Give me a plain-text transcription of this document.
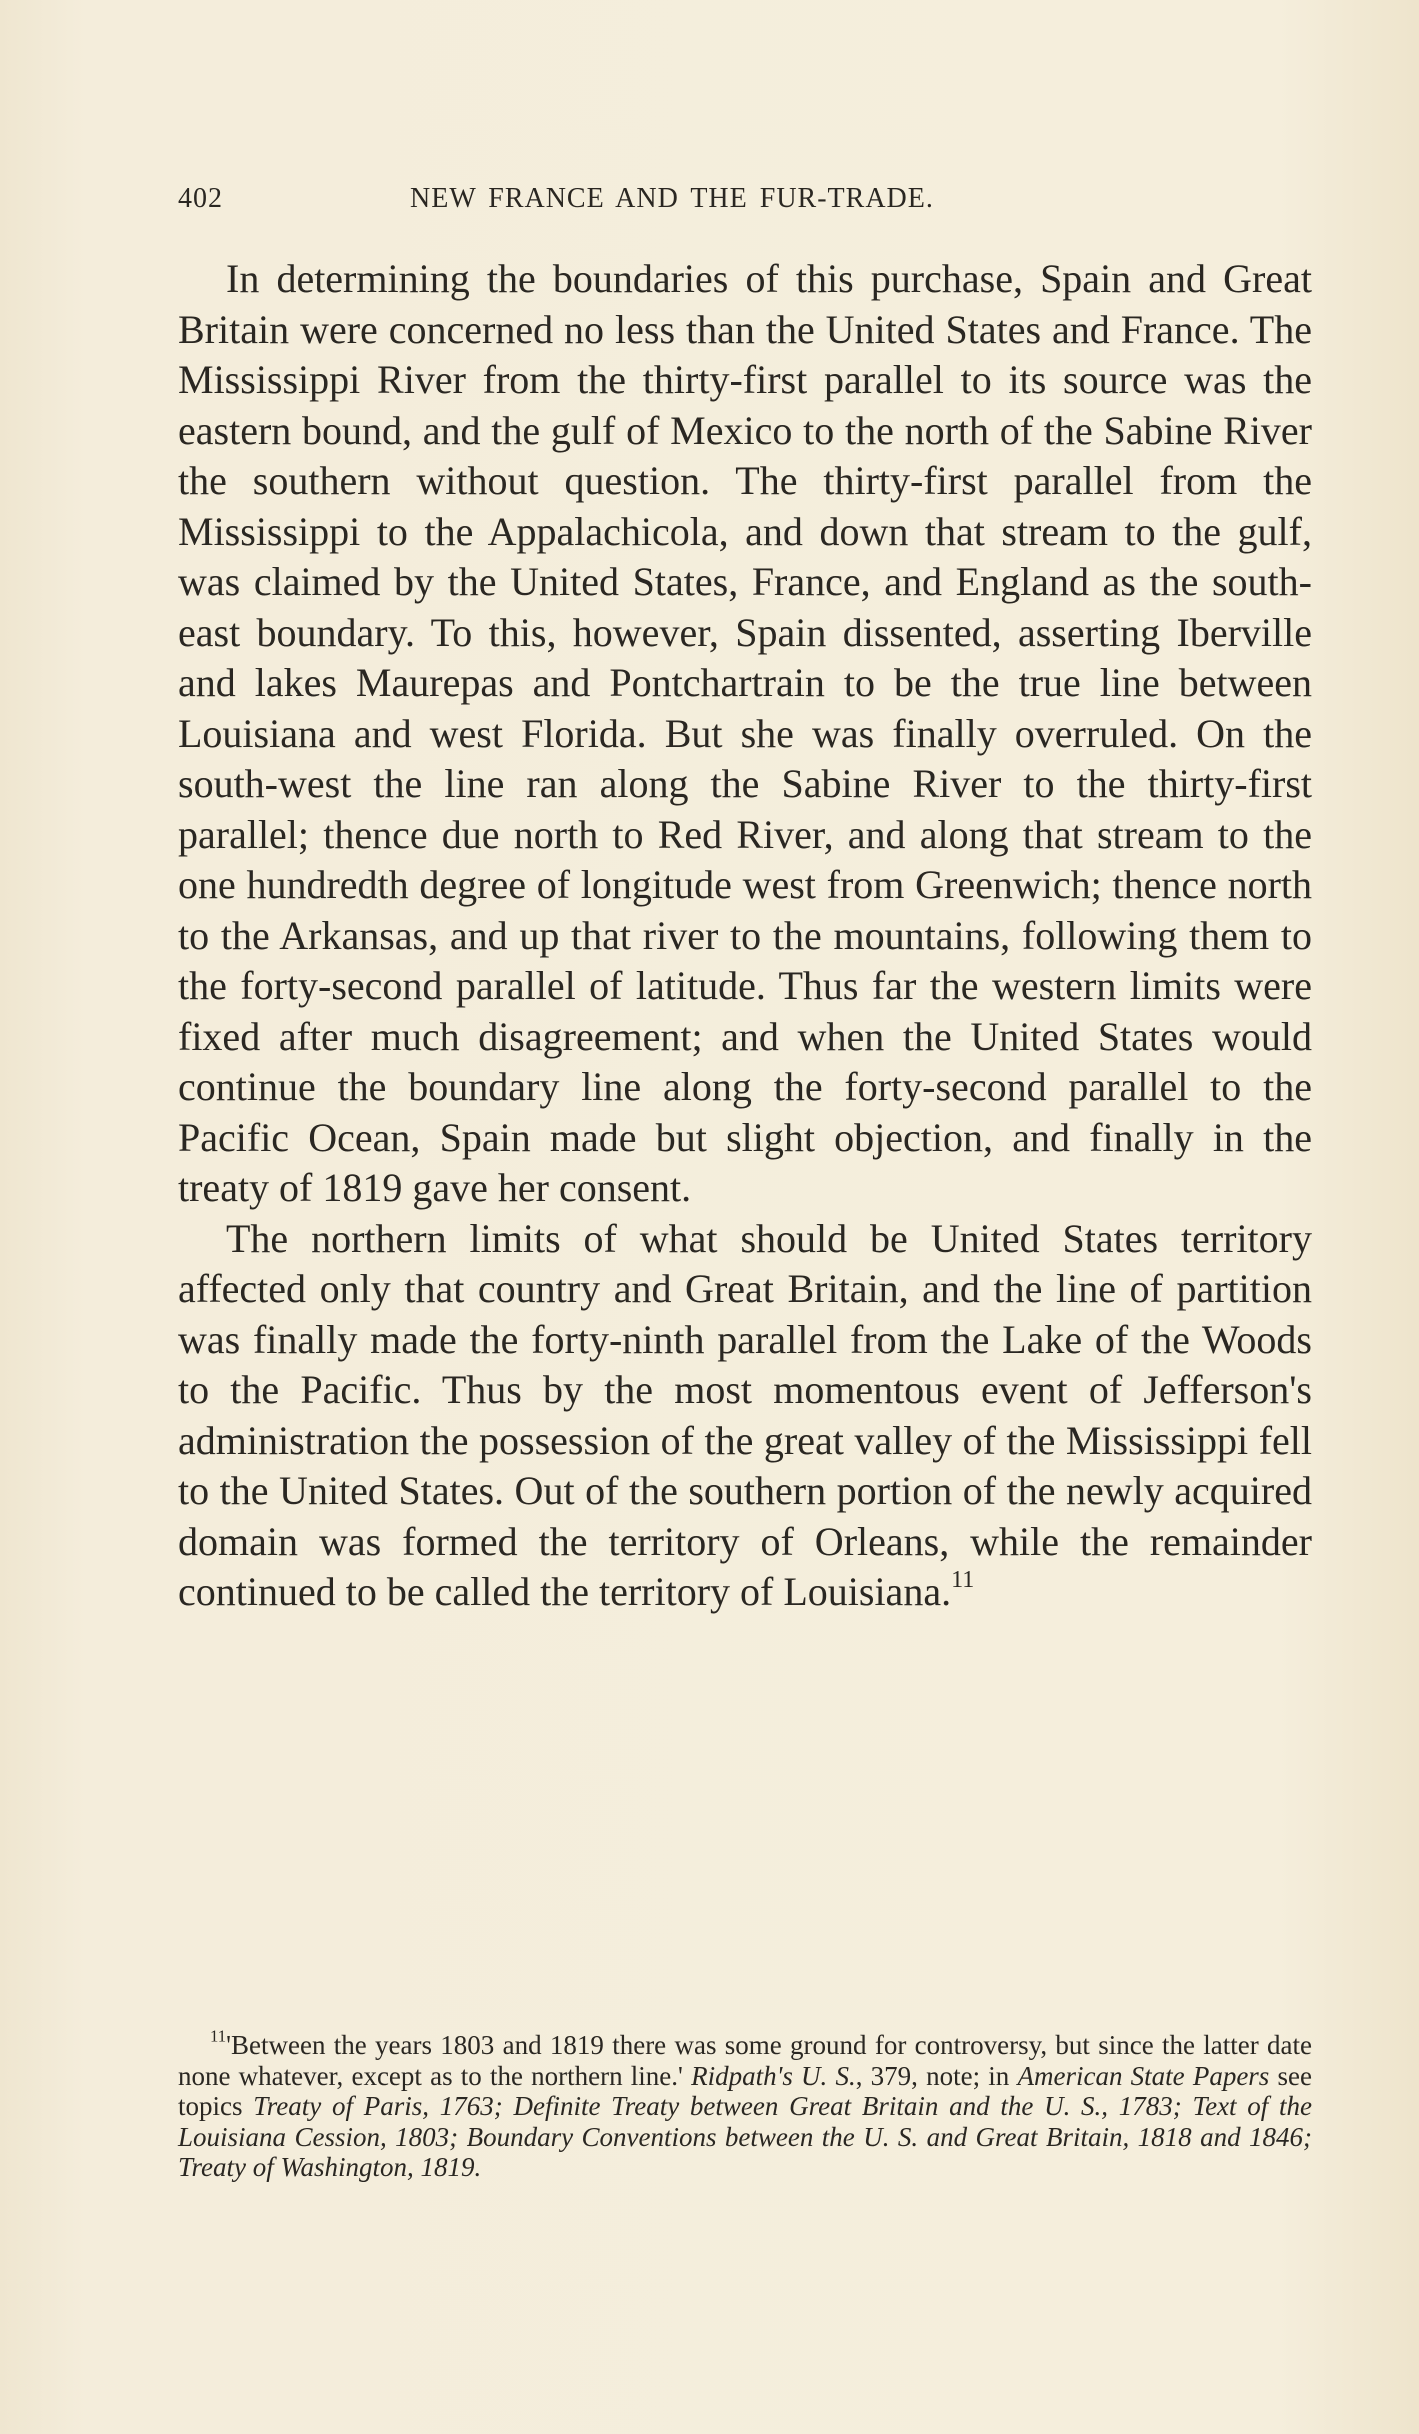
402	NEW FRANCE AND THE FUR-TRADE.

In determining the boundaries of this purchase, Spain and Great Britain were concerned no less than the United States and France. The Mississippi River from the thirty-first parallel to its source was the eastern bound, and the gulf of Mexico to the north of the Sabine River the southern without question. The thirty-first parallel from the Mississippi to the Appalachicola, and down that stream to the gulf, was claimed by the United States, France, and England as the south-east boundary. To this, however, Spain dissented, asserting Iberville and lakes Maurepas and Pontchartrain to be the true line between Louisiana and west Florida. But she was finally overruled. On the south-west the line ran along the Sabine River to the thirty-first parallel; thence due north to Red River, and along that stream to the one hundredth degree of longitude west from Greenwich; thence north to the Arkansas, and up that river to the mountains, following them to the forty-second parallel of latitude. Thus far the western limits were fixed after much disagreement; and when the United States would continue the boundary line along the forty-second parallel to the Pacific Ocean, Spain made but slight objection, and finally in the treaty of 1819 gave her consent.

The northern limits of what should be United States territory affected only that country and Great Britain, and the line of partition was finally made the forty-ninth parallel from the Lake of the Woods to the Pacific. Thus by the most momentous event of Jefferson's administration the possession of the great valley of the Mississippi fell to the United States. Out of the southern portion of the newly acquired domain was formed the territory of Orleans, while the remainder continued to be called the territory of Louisiana.$^{11}$

$^{11}$'Between the years 1803 and 1819 there was some ground for controversy, but since the latter date none whatever, except as to the northern line.' Ridpath's U. S., 379, note; in American State Papers see topics Treaty of Paris, 1763; Definite Treaty between Great Britain and the U. S., 1783; Text of the Louisiana Cession, 1803; Boundary Conventions between the U. S. and Great Britain, 1818 and 1846; Treaty of Washington, 1819.
